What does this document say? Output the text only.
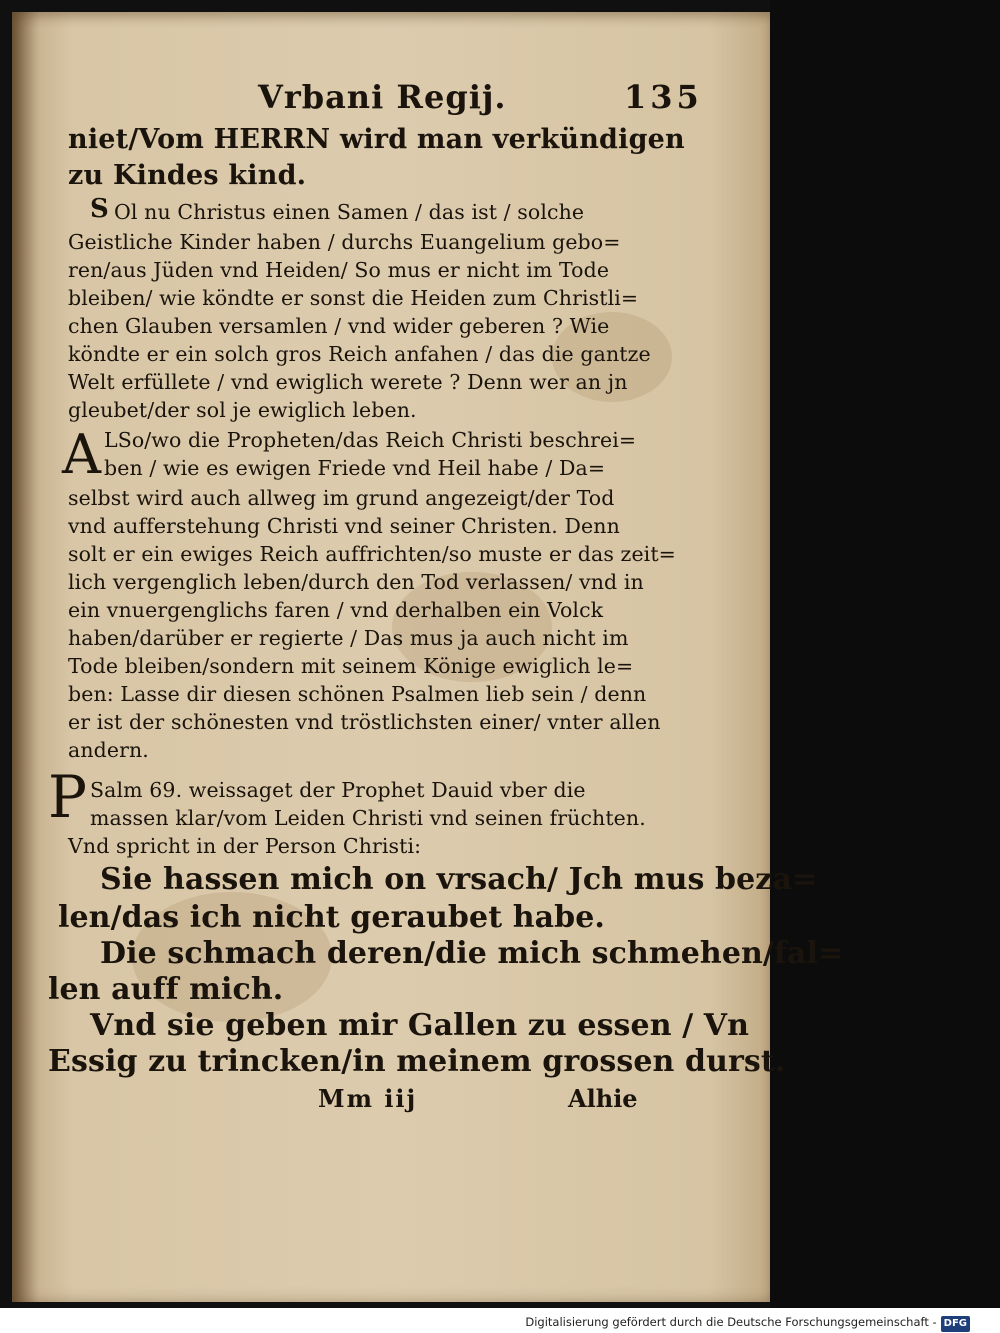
Vrbani Regij.	135
niet/Vom HERRN wird man verkündigen
zu Kindes kind.
S Ol nu Christus einen Samen / das ist / solche
Geistliche Kinder haben / durchs Euangelium gebo=
ren/aus Jüden vnd Heiden/ So mus er nicht im Tode
bleiben/ wie köndte er sonst die Heiden zum Christli=
chen Glauben versamlen / vnd wider geberen ? Wie
köndte er ein solch gros Reich anfahen / das die gantze
Welt erfüllete / vnd ewiglich werete ? Denn wer an jn
gleubet/der sol je ewiglich leben.
A LSo/wo die Propheten/das Reich Christi beschrei=
ben / wie es ewigen Friede vnd Heil habe / Da=
selbst wird auch allweg im grund angezeigt/der Tod
vnd aufferstehung Christi vnd seiner Christen. Denn
solt er ein ewiges Reich auffrichten/so muste er das zeit=
lich vergenglich leben/durch den Tod verlassen/ vnd in
ein vnuergenglichs faren / vnd derhalben ein Volck
haben/darüber er regierte / Das mus ja auch nicht im
Tode bleiben/sondern mit seinem Könige ewiglich le=
ben: Lasse dir diesen schönen Psalmen lieb sein / denn
er ist der schönesten vnd tröstlichsten einer/ vnter allen
andern.
P Salm 69. weissaget der Prophet Dauid vber die
massen klar/vom Leiden Christi vnd seinen früchten.
Vnd spricht in der Person Christi:
Sie hassen mich on vrsach/ Jch mus beza=
len/das ich nicht geraubet habe.
Die schmach deren/die mich schmehen/fal=
len auff mich.
Vnd sie geben mir Gallen zu essen / Vn
Essig zu trincken/in meinem grossen durst.
Mm iij	Alhie
Digitalisierung gefördert durch die Deutsche Forschungsgemeinschaft - DFG
